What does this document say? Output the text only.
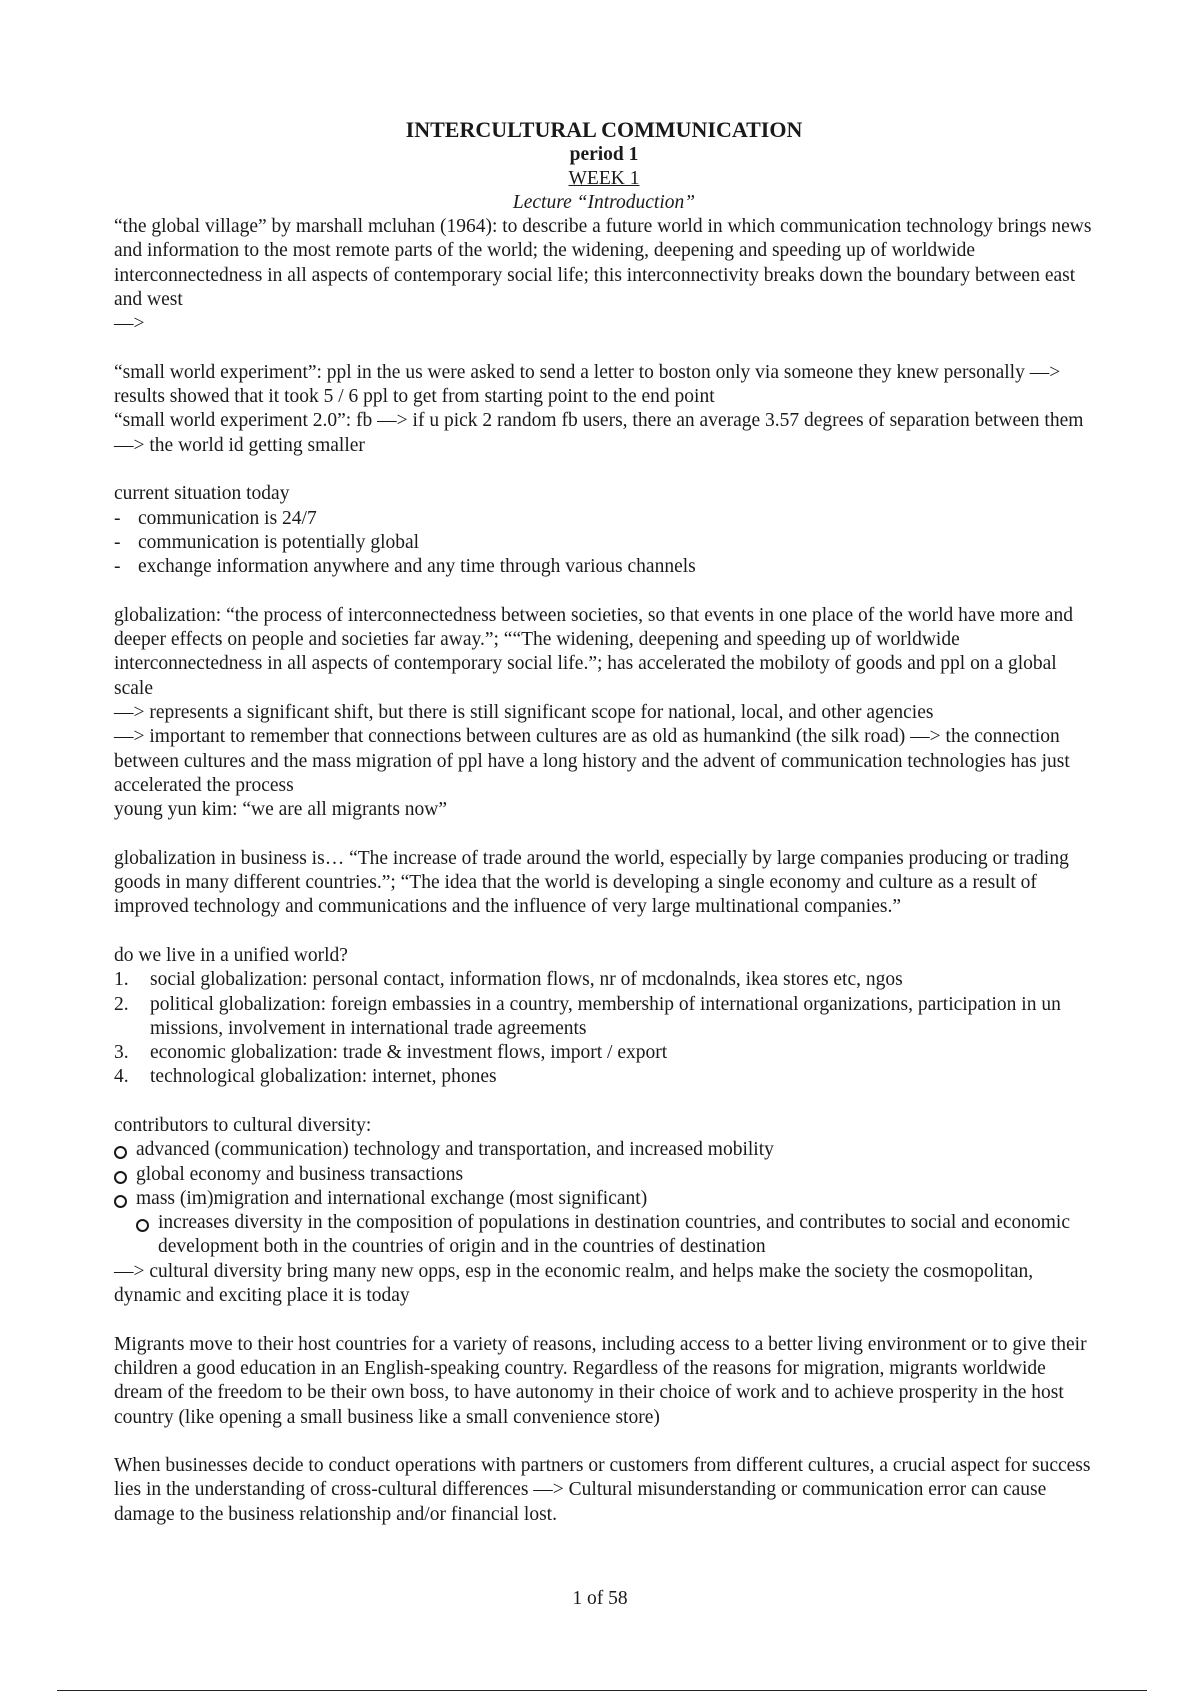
INTERCULTURAL COMMUNICATION
period 1
WEEK 1
Lecture “Introduction”

“the global village” by marshall mcluhan (1964): to describe a future world in which communication technology brings news and information to the most remote parts of the world; the widening, deepening and speeding up of worldwide interconnectedness in all aspects of contemporary social life; this interconnectivity breaks down the boundary between east and west

—>

“small world experiment”: ppl in the us were asked to send a letter to boston only via someone they knew personally —> results showed that it took 5 / 6 ppl to get from starting point to the end point

“small world experiment 2.0”: fb —> if u pick 2 random fb users, there an average 3.57 degrees of separation between them —> the world id getting smaller

current situation today

- communication is 24/7
- communication is potentially global
- exchange information anywhere and any time through various channels

globalization: “the process of interconnectedness between societies, so that events in one place of the world have more and deeper effects on people and societies far away.”; ““The widening, deepening and speeding up of worldwide interconnectedness in all aspects of contemporary social life.”; has accelerated the mobiloty of goods and ppl on a global scale

—> represents a significant shift, but there is still significant scope for national, local, and other agencies

—> important to remember that connections between cultures are as old as humankind (the silk road) —> the connection between cultures and the mass migration of ppl have a long history and the advent of communication technologies has just accelerated the process

young yun kim: “we are all migrants now”

globalization in business is… “The increase of trade around the world, especially by large companies producing or trading goods in many different countries.”; “The idea that the world is developing a single economy and culture as a result of improved technology and communications and the influence of very large multinational companies.”

do we live in a unified world?

1. social globalization: personal contact, information flows, nr of mcdonalnds, ikea stores etc, ngos
2. political globalization: foreign embassies in a country, membership of international organizations, participation in un missions, involvement in international trade agreements
3. economic globalization: trade & investment flows, import / export
4. technological globalization: internet, phones

contributors to cultural diversity:

advanced (communication) technology and transportation, and increased mobility
global economy and business transactions
mass (im)migration and international exchange (most significant)
increases diversity in the composition of populations in destination countries, and contributes to social and economic development both in the countries of origin and in the countries of destination

—> cultural diversity bring many new opps, esp in the economic realm, and helps make the society the cosmopolitan, dynamic and exciting place it is today

Migrants move to their host countries for a variety of reasons, including access to a better living environment or to give their children a good education in an English-speaking country. Regardless of the reasons for migration, migrants worldwide dream of the freedom to be their own boss, to have autonomy in their choice of work and to achieve prosperity in the host country (like opening a small business like a small convenience store)

When businesses decide to conduct operations with partners or customers from different cultures, a crucial aspect for success lies in the understanding of cross-cultural differences —> Cultural misunderstanding or communication error can cause damage to the business relationship and/or financial lost.

1 of 58
